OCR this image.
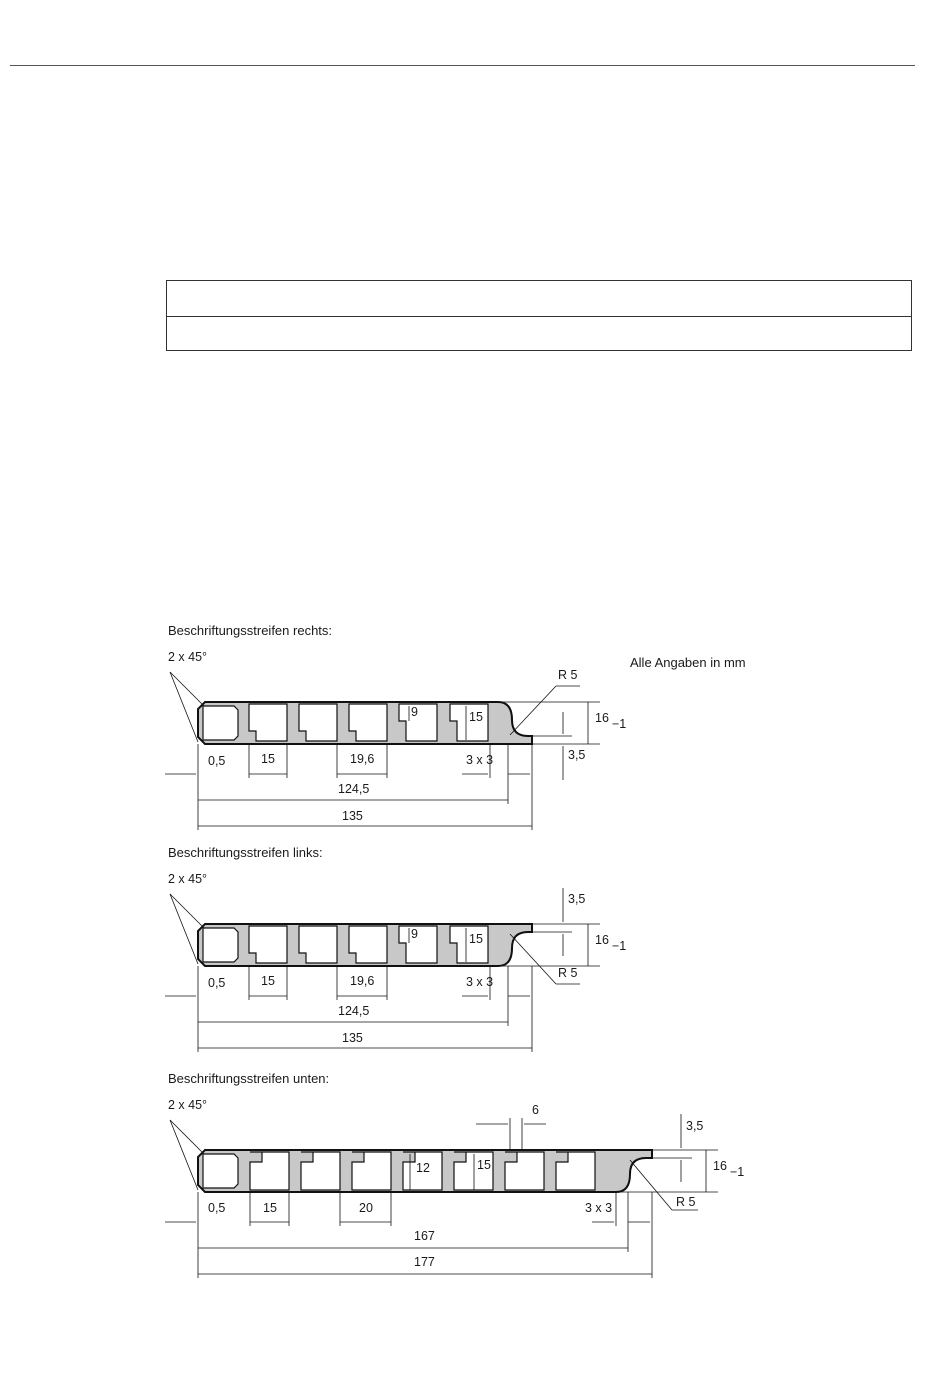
Beschriftungsstreifen rechts:
Beschriftungsstreifen links:
Beschriftungsstreifen unten:
Alle Angaben in mm
2 x 45°
R 5
0,5	15	19,6	3 x 3
9	15	16 −1
3,5
124,5
135
2 x 45°
R 5
0,5	15	19,6	3 x 3
9	15	16 −1
3,5
124,5
135
2 x 45°
R 5
0,5	15	20	3 x 3
6
12	15	16 −1
3,5
167
177
